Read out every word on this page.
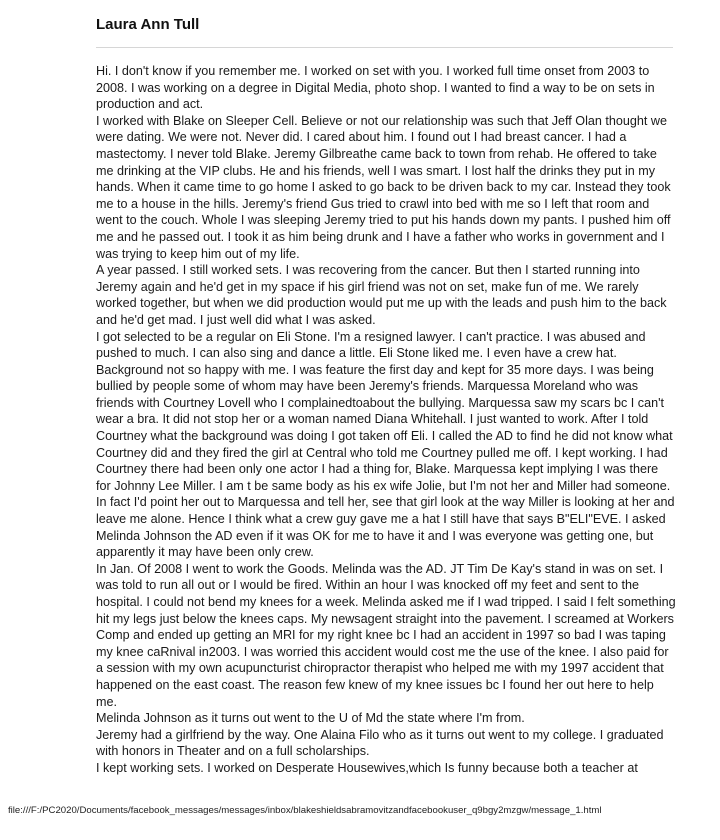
Laura Ann Tull

Hi. I don't know if you remember me. I worked on set with you. I worked full time onset from 2003 to 2008. I was working on a degree in Digital Media, photo shop. I wanted to find a way to be on sets in production and act.

I worked with Blake on Sleeper Cell. Believe or not our relationship was such that Jeff Olan thought we were dating. We were not. Never did. I cared about him. I found out I had breast cancer. I had a mastectomy. I never told Blake. Jeremy Gilbreathe came back to town from rehab. He offered to take me drinking at the VIP clubs. He and his friends, well I was smart. I lost half the drinks they put in my hands. When it came time to go home I asked to go back to be driven back to my car. Instead they took me to a house in the hills. Jeremy's friend Gus tried to crawl into bed with me so I left that room and went to the couch. Whole I was sleeping Jeremy tried to put his hands down my pants. I pushed him off me and he passed out. I took it as him being drunk and I have a father who works in government and I was trying to keep him out of my life.

A year passed. I still worked sets. I was recovering from the cancer. But then I started running into Jeremy again and he'd get in my space if his girl friend was not on set, make fun of me. We rarely worked together, but when we did production would put me up with the leads and push him to the back and he'd get mad. I just well did what I was asked.

I got selected to be a regular on Eli Stone. I'm a resigned lawyer. I can't practice. I was abused and pushed to much. I can also sing and dance a little. Eli Stone liked me. I even have a crew hat. Background not so happy with me. I was feature the first day and kept for 35 more days. I was being bullied by people some of whom may have been Jeremy's friends. Marquessa Moreland who was friends with Courtney Lovell who I complainedtoabout the bullying. Marquessa saw my scars bc I can't wear a bra. It did not stop her or a woman named Diana Whitehall. I just wanted to work. After I told Courtney what the background was doing I got taken off Eli. I called the AD to find he did not know what Courtney did and they fired the girl at Central who told me Courtney pulled me off. I kept working. I had Courtney there had been only one actor I had a thing for, Blake. Marquessa kept implying I was there for Johnny Lee Miller. I am t be same body as his ex wife Jolie, but I'm not her and Miller had someone. In fact I'd point her out to Marquessa and tell her, see that girl look at the way Miller is looking at her and leave me alone. Hence I think what a crew guy gave me a hat I still have that says B"ELI"EVE. I asked Melinda Johnson the AD even if it was OK for me to have it and I was everyone was getting one, but apparently it may have been only crew.

In Jan. Of 2008 I went to work the Goods. Melinda was the AD. JT Tim De Kay's stand in was on set. I was told to run all out or I would be fired. Within an hour I was knocked off my feet and sent to the hospital. I could not bend my knees for a week. Melinda asked me if I wad tripped. I said I felt something hit my legs just below the knees caps. My newsagent straight into the pavement. I screamed at Workers Comp and ended up getting an MRI for my right knee bc I had an accident in 1997 so bad I was taping my knee caRnival in2003. I was worried this accident would cost me the use of the knee. I also paid for a session with my own acupuncturist chiropractor therapist who helped me with my 1997 accident that happened on the east coast. The reason few knew of my knee issues bc I found her out here to help me.

Melinda Johnson as it turns out went to the U of Md the state where I'm from.

Jeremy had a girlfriend by the way. One Alaina Filo who as it turns out went to my college. I graduated with honors in Theater and on a full scholarships.

I kept working sets. I worked on Desperate Housewives,which Is funny because both a teacher at

file:///F:/PC2020/Documents/facebook_messages/messages/inbox/blakeshieldsabramovitzandfacebookuser_q9bgy2mzgw/message_1.html
